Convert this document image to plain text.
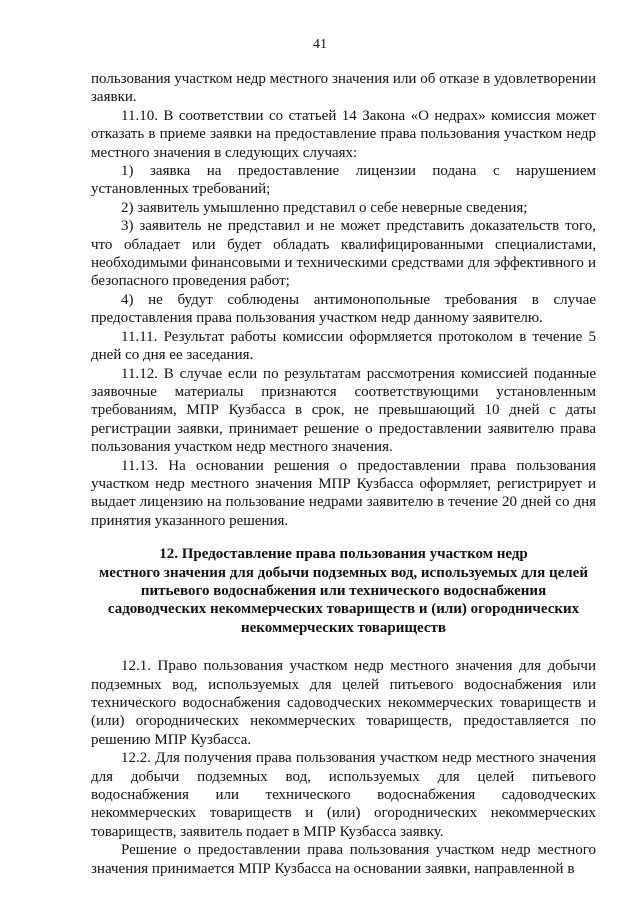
41

пользования участком недр местного значения или об отказе в удовлетворении заявки.

11.10. В соответствии со статьей 14 Закона «О недрах» комиссия может отказать в приеме заявки на предоставление права пользования участком недр местного значения в следующих случаях:

1) заявка на предоставление лицензии подана с нарушением установленных требований;

2) заявитель умышленно представил о себе неверные сведения;

3) заявитель не представил и не может представить доказательств того, что обладает или будет обладать квалифицированными специалистами, необходимыми финансовыми и техническими средствами для эффективного и безопасного проведения работ;

4) не будут соблюдены антимонопольные требования в случае предоставления права пользования участком недр данному заявителю.

11.11. Результат работы комиссии оформляется протоколом в течение 5 дней со дня ее заседания.

11.12. В случае если по результатам рассмотрения комиссией поданные заявочные материалы признаются соответствующими установленным требованиям, МПР Кузбасса в срок, не превышающий 10 дней с даты регистрации заявки, принимает решение о предоставлении заявителю права пользования участком недр местного значения.

11.13. На основании решения о предоставлении права пользования участком недр местного значения МПР Кузбасса оформляет, регистрирует и выдает лицензию на пользование недрами заявителю в течение 20 дней со дня принятия указанного решения.

12. Предоставление права пользования участком недр
местного значения для добычи подземных вод, используемых для целей
питьевого водоснабжения или технического водоснабжения
садоводческих некоммерческих товариществ и (или) огороднических
некоммерческих товариществ

12.1. Право пользования участком недр местного значения для добычи подземных вод, используемых для целей питьевого водоснабжения или технического водоснабжения садоводческих некоммерческих товариществ и (или) огороднических некоммерческих товариществ, предоставляется по решению МПР Кузбасса.

12.2. Для получения права пользования участком недр местного значения для добычи подземных вод, используемых для целей питьевого водоснабжения или технического водоснабжения садоводческих некоммерческих товариществ и (или) огороднических некоммерческих товариществ, заявитель подает в МПР Кузбасса заявку.

Решение о предоставлении права пользования участком недр местного значения принимается МПР Кузбасса на основании заявки, направленной в
